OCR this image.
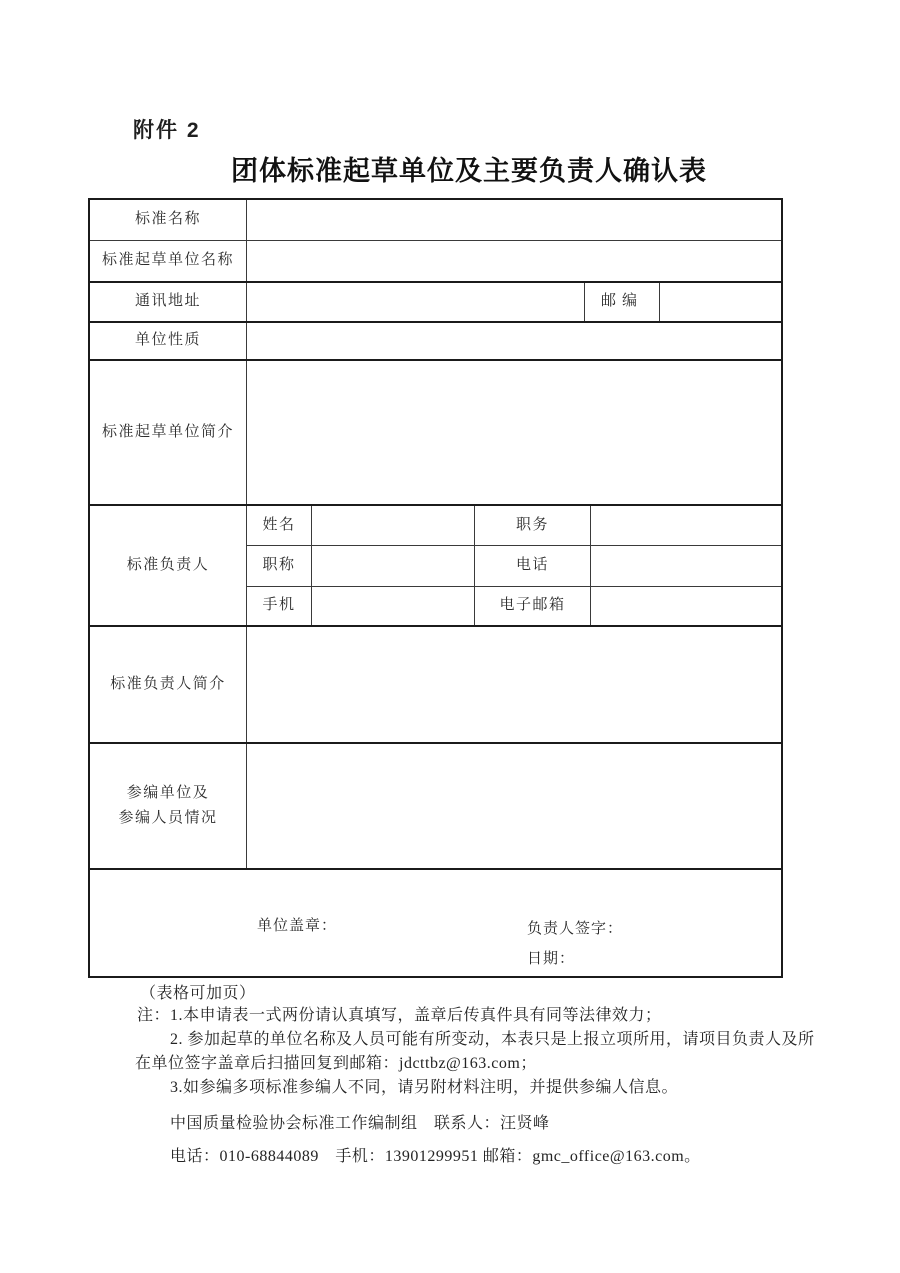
附件 2
团体标准起草单位及主要负责人确认表
标准名称
标准起草单位名称
通讯地址	邮编
单位性质
标准起草单位简介
标准负责人
姓名	职务
职称	电话
手机	电子邮箱
标准负责人简介
参编单位及
参编人员情况
单位盖章：	负责人签字：
日期：
（表格可加页）
注：1.本申请表一式两份请认真填写，盖章后传真件具有同等法律效力；
2. 参加起草的单位名称及人员可能有所变动，本表只是上报立项所用，请项目负责人及所
在单位签字盖章后扫描回复到邮箱：jdcttbz@163.com；
3.如参编多项标准参编人不同，请另附材料注明，并提供参编人信息。
中国质量检验协会标准工作编制组　联系人：汪贤峰
电话：010-68844089　手机：13901299951 邮箱：gmc_office@163.com。
